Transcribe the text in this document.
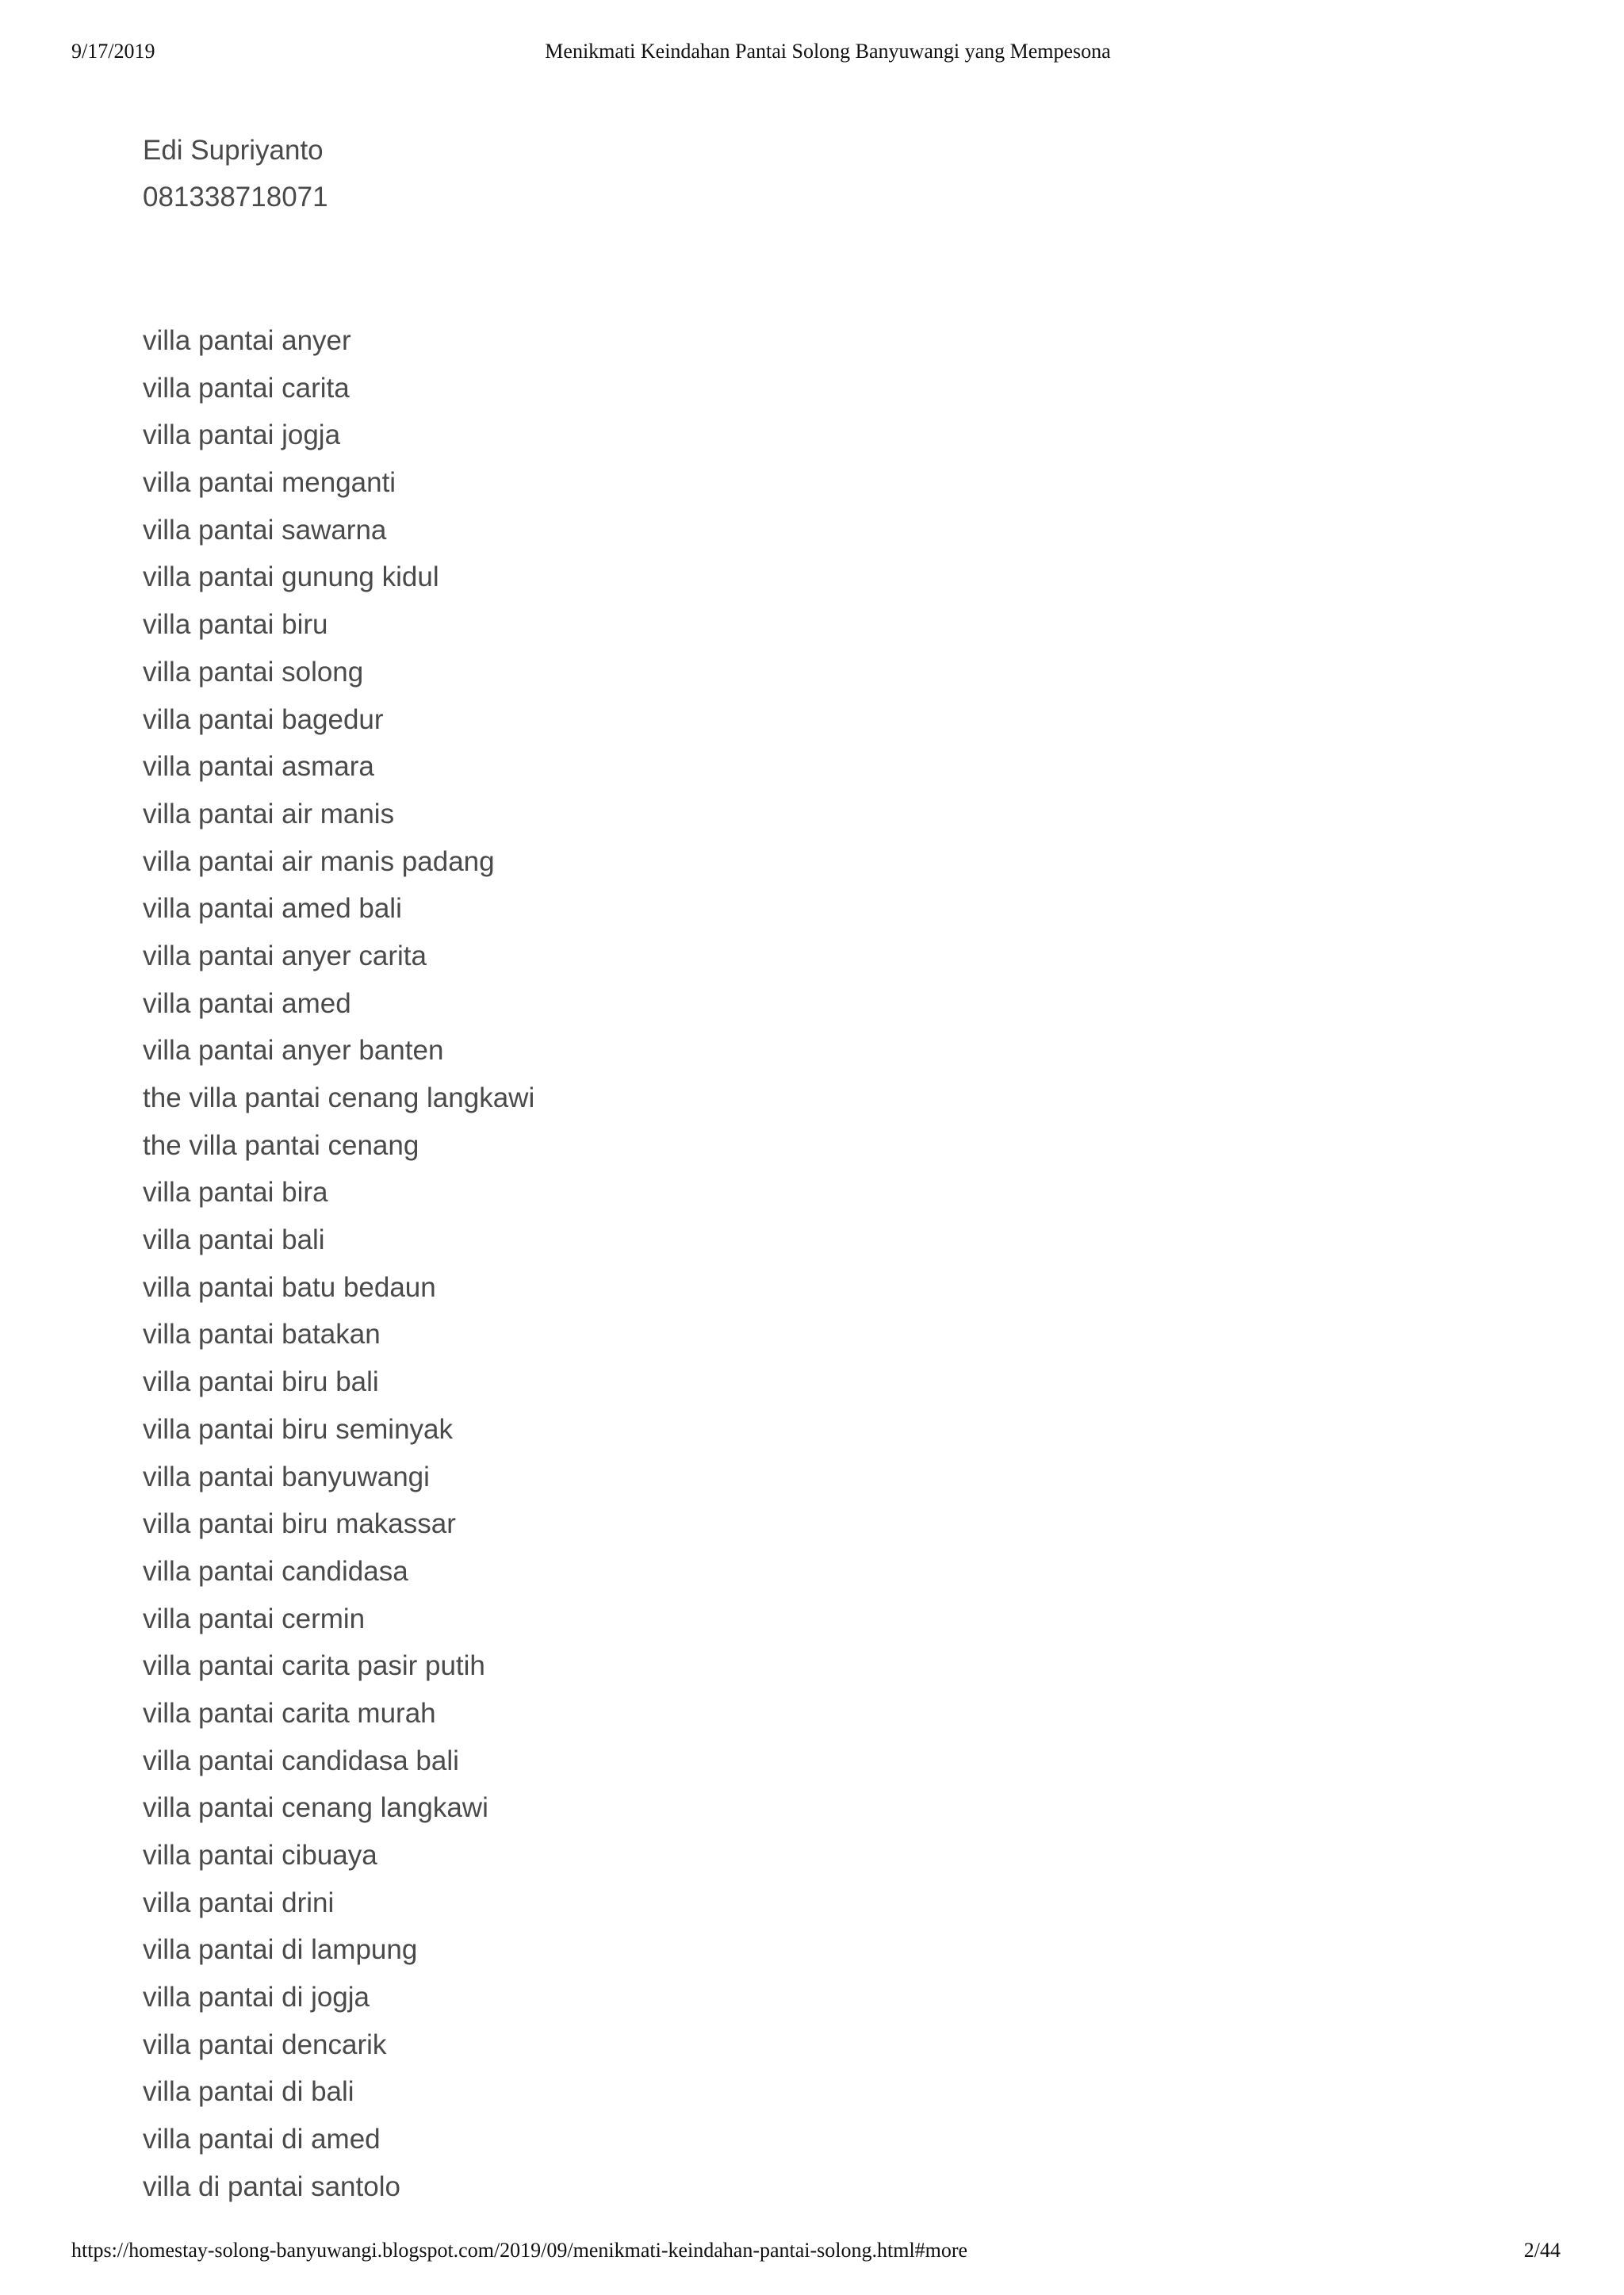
9/17/2019	Menikmati Keindahan Pantai Solong Banyuwangi yang Mempesona
Edi Supriyanto
081338718071
villa pantai anyer
villa pantai carita
villa pantai jogja
villa pantai menganti
villa pantai sawarna
villa pantai gunung kidul
villa pantai biru
villa pantai solong
villa pantai bagedur
villa pantai asmara
villa pantai air manis
villa pantai air manis padang
villa pantai amed bali
villa pantai anyer carita
villa pantai amed
villa pantai anyer banten
the villa pantai cenang langkawi
the villa pantai cenang
villa pantai bira
villa pantai bali
villa pantai batu bedaun
villa pantai batakan
villa pantai biru bali
villa pantai biru seminyak
villa pantai banyuwangi
villa pantai biru makassar
villa pantai candidasa
villa pantai cermin
villa pantai carita pasir putih
villa pantai carita murah
villa pantai candidasa bali
villa pantai cenang langkawi
villa pantai cibuaya
villa pantai drini
villa pantai di lampung
villa pantai di jogja
villa pantai dencarik
villa pantai di bali
villa pantai di amed
villa di pantai santolo
https://homestay-solong-banyuwangi.blogspot.com/2019/09/menikmati-keindahan-pantai-solong.html#more	2/44
